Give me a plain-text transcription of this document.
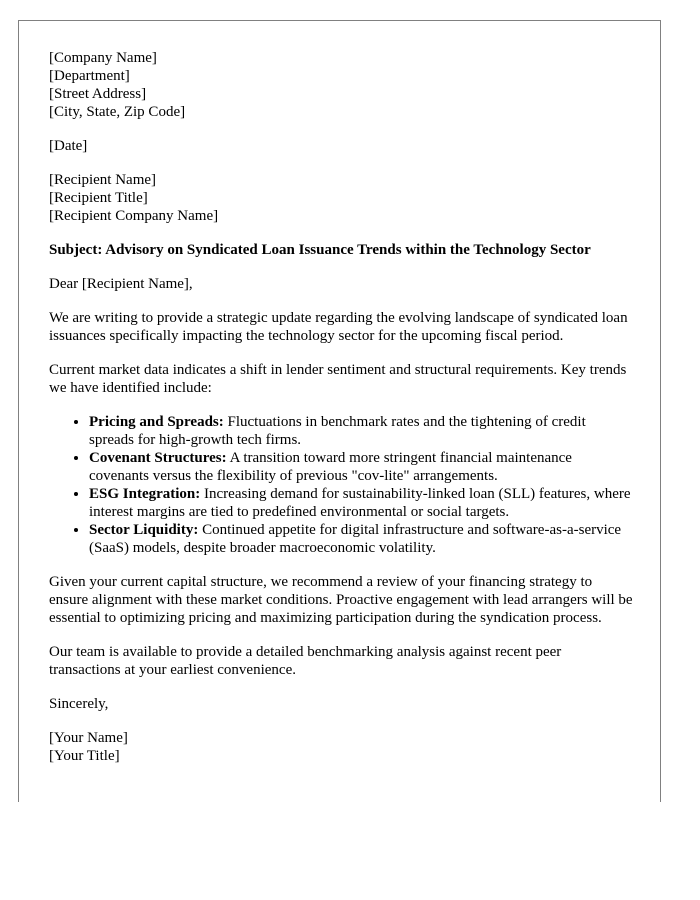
[Company Name]
[Department]
[Street Address]
[City, State, Zip Code]
[Date]
[Recipient Name]
[Recipient Title]
[Recipient Company Name]

Subject: Advisory on Syndicated Loan Issuance Trends within the Technology Sector

Dear [Recipient Name],

We are writing to provide a strategic update regarding the evolving landscape of syndicated loan issuances specifically impacting the technology sector for the upcoming fiscal period.

Current market data indicates a shift in lender sentiment and structural requirements. Key trends we have identified include:

• Pricing and Spreads: Fluctuations in benchmark rates and the tightening of credit spreads for high-growth tech firms.
• Covenant Structures: A transition toward more stringent financial maintenance covenants versus the flexibility of previous "cov-lite" arrangements.
• ESG Integration: Increasing demand for sustainability-linked loan (SLL) features, where interest margins are tied to predefined environmental or social targets.
• Sector Liquidity: Continued appetite for digital infrastructure and software-as-a-service (SaaS) models, despite broader macroeconomic volatility.

Given your current capital structure, we recommend a review of your financing strategy to ensure alignment with these market conditions. Proactive engagement with lead arrangers will be essential to optimizing pricing and maximizing participation during the syndication process.

Our team is available to provide a detailed benchmarking analysis against recent peer transactions at your earliest convenience.

Sincerely,

[Your Name]
[Your Title]
